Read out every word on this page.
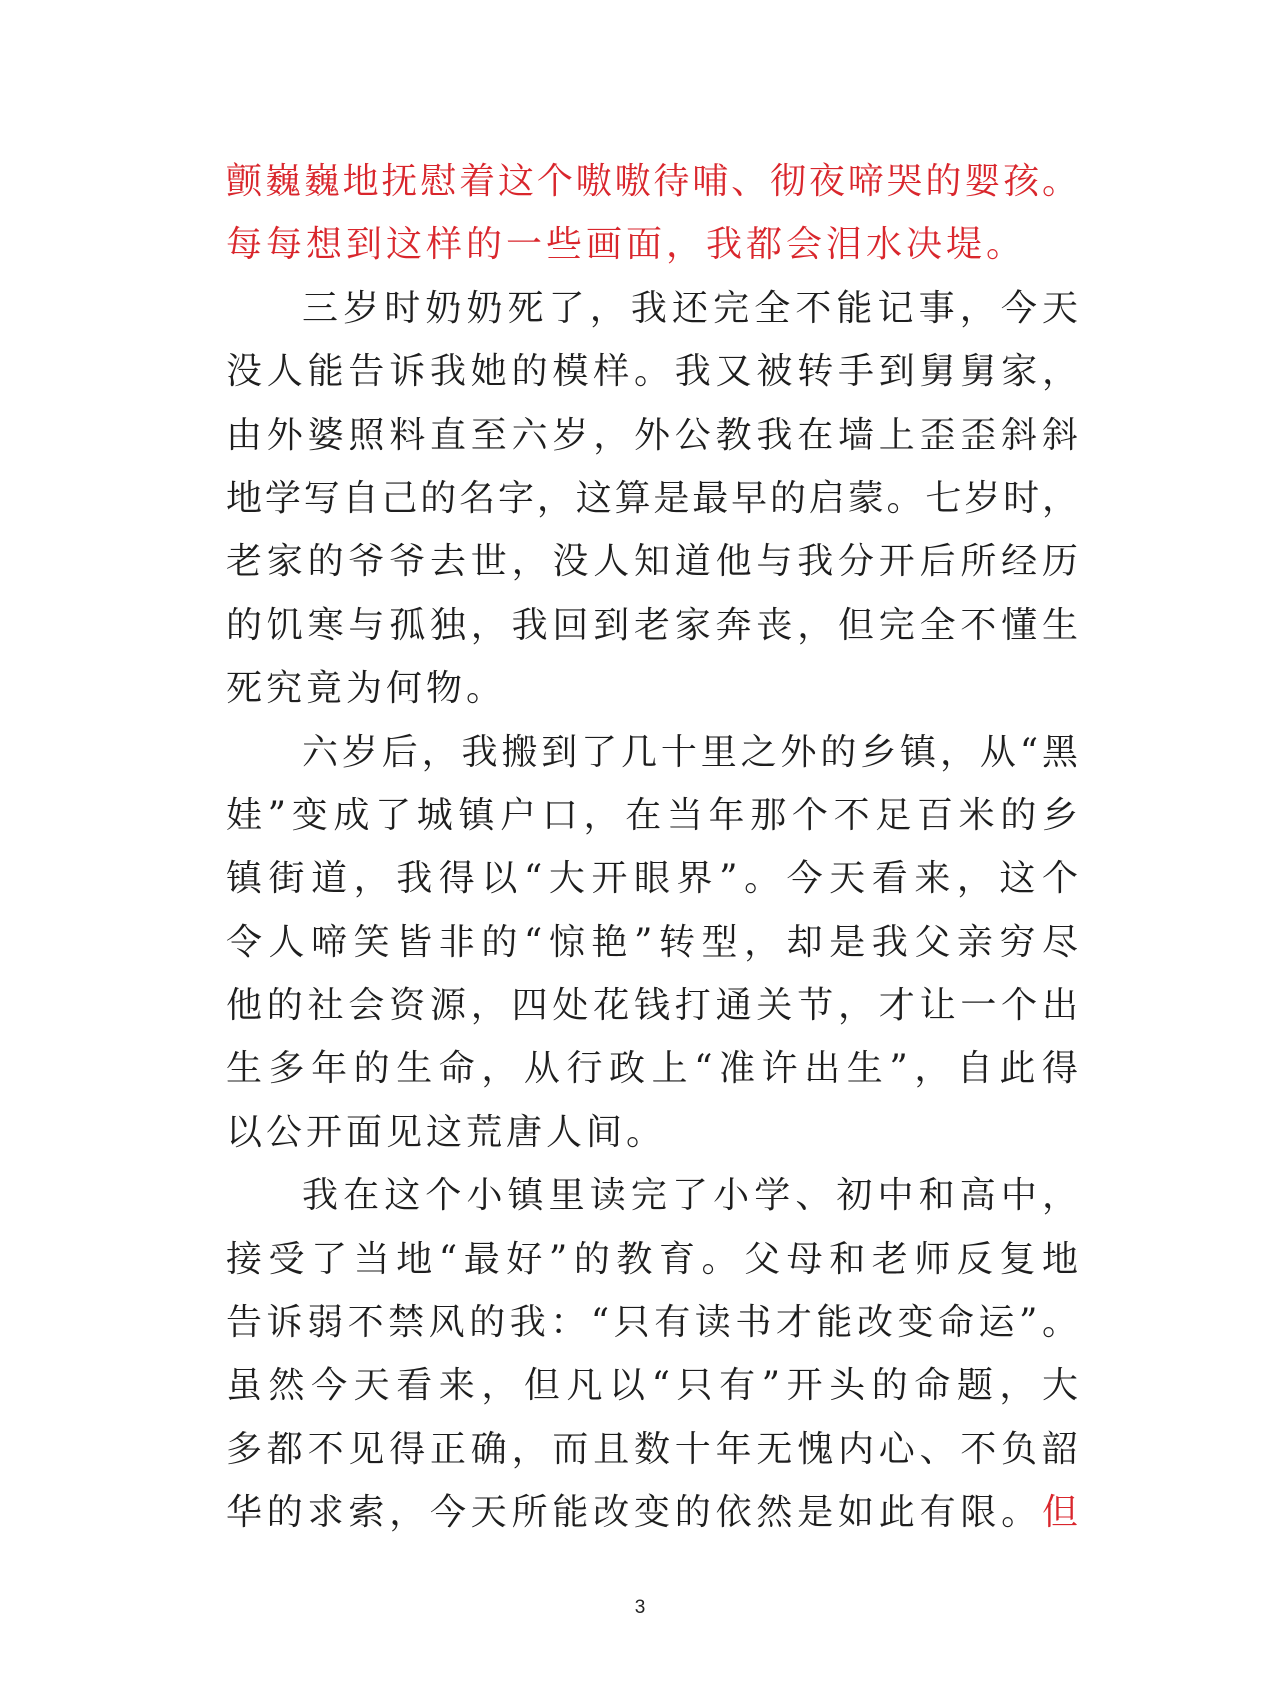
颤巍巍地抚慰着这个嗷嗷待哺、彻夜啼哭的婴孩。
每每想到这样的一些画面，我都会泪水决堤。
三岁时奶奶死了，我还完全不能记事，今天
没人能告诉我她的模样。我又被转手到舅舅家，
由外婆照料直至六岁，外公教我在墙上歪歪斜斜
地学写自己的名字，这算是最早的启蒙。七岁时，
老家的爷爷去世，没人知道他与我分开后所经历
的饥寒与孤独，我回到老家奔丧，但完全不懂生
死究竟为何物。
六岁后，我搬到了几十里之外的乡镇，从“黑
娃”变成了城镇户口，在当年那个不足百米的乡
镇街道，我得以“大开眼界”。今天看来，这个
令人啼笑皆非的“惊艳”转型，却是我父亲穷尽
他的社会资源，四处花钱打通关节，才让一个出
生多年的生命，从行政上“准许出生”，自此得
以公开面见这荒唐人间。
我在这个小镇里读完了小学、初中和高中，
接受了当地“最好”的教育。父母和老师反复地
告诉弱不禁风的我：“只有读书才能改变命运”。
虽然今天看来，但凡以“只有”开头的命题，大
多都不见得正确，而且数十年无愧内心、不负韶
华的求索，今天所能改变的依然是如此有限。但
3
